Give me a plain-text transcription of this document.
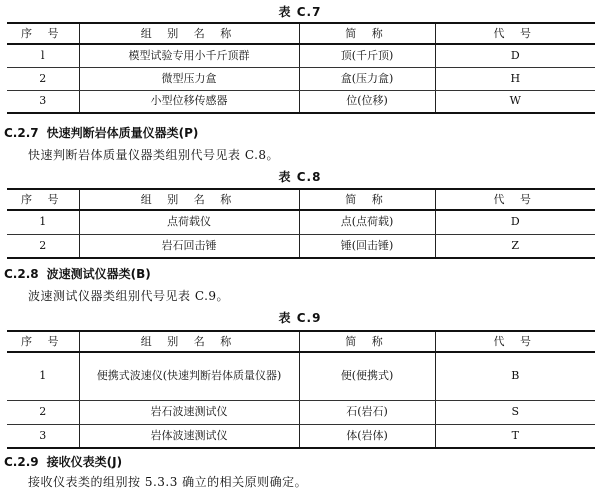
表 C.7
序 号	组 别 名 称	简 称	代 号
l	模型试验专用小千斤顶群	顶(千斤顶)	D
2	微型压力盒	盒(压力盒)	H
3	小型位移传感器	位(位移)	W
C.2.7 快速判断岩体质量仪器类(P)
快速判断岩体质量仪器类组别代号见表 C.8。
表 C.8
序 号	组 别 名 称	简 称	代 号
1	点荷载仪	点(点荷载)	D
2	岩石回击锤	锤(回击锤)	Z
C.2.8 波速测试仪器类(B)
波速测试仪器类组别代号见表 C.9。
表 C.9
序 号	组 别 名 称	简 称	代 号
1	便携式波速仪(快速判断岩体质量仪器)	便(便携式)	B
2	岩石波速测试仪	石(岩石)	S
3	岩体波速测试仪	体(岩体)	T
C.2.9 接收仪表类(J)
接收仪表类的组别按 5.3.3 确立的相关原则确定。
